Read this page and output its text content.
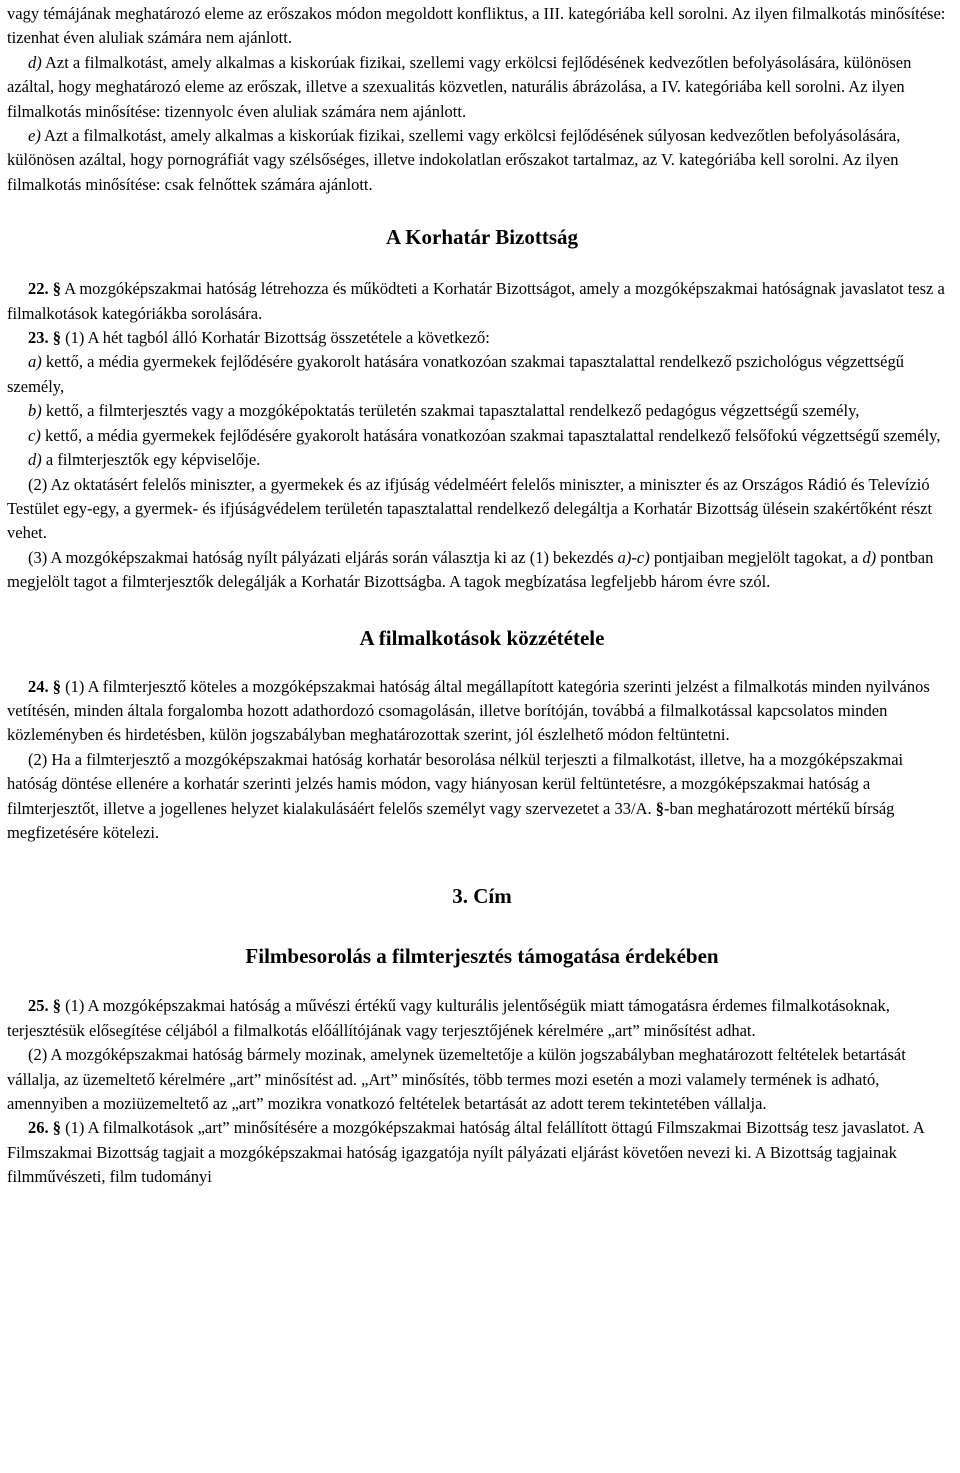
vagy témájának meghatározó eleme az erőszakos módon megoldott konfliktus, a III. kategóriába kell sorolni. Az ilyen filmalkotás minősítése: tizenhat éven aluliak számára nem ajánlott.

d) Azt a filmalkotást, amely alkalmas a kiskorúak fizikai, szellemi vagy erkölcsi fejlődésének kedvezőtlen befolyásolására, különösen azáltal, hogy meghatározó eleme az erőszak, illetve a szexualitás közvetlen, naturális ábrázolása, a IV. kategóriába kell sorolni. Az ilyen filmalkotás minősítése: tizennyolc éven aluliak számára nem ajánlott.

e) Azt a filmalkotást, amely alkalmas a kiskorúak fizikai, szellemi vagy erkölcsi fejlődésének súlyosan kedvezőtlen befolyásolására, különösen azáltal, hogy pornográfiát vagy szélsőséges, illetve indokolatlan erőszakot tartalmaz, az V. kategóriába kell sorolni. Az ilyen filmalkotás minősítése: csak felnőttek számára ajánlott.

A Korhatár Bizottság

22. § A mozgóképszakmai hatóság létrehozza és működteti a Korhatár Bizottságot, amely a mozgóképszakmai hatóságnak javaslatot tesz a filmalkotások kategóriákba sorolására.

23. § (1) A hét tagból álló Korhatár Bizottság összetétele a következő:

a) kettő, a média gyermekek fejlődésére gyakorolt hatására vonatkozóan szakmai tapasztalattal rendelkező pszichológus végzettségű személy,

b) kettő, a filmterjesztés vagy a mozgóképoktatás területén szakmai tapasztalattal rendelkező pedagógus végzettségű személy,

c) kettő, a média gyermekek fejlődésére gyakorolt hatására vonatkozóan szakmai tapasztalattal rendelkező felsőfokú végzettségű személy,

d) a filmterjesztők egy képviselője.

(2) Az oktatásért felelős miniszter, a gyermekek és az ifjúság védelméért felelős miniszter, a miniszter és az Országos Rádió és Televízió Testület egy-egy, a gyermek- és ifjúságvédelem területén tapasztalattal rendelkező delegáltja a Korhatár Bizottság ülésein szakértőként részt vehet.

(3) A mozgóképszakmai hatóság nyílt pályázati eljárás során választja ki az (1) bekezdés a)-c) pontjaiban megjelölt tagokat, a d) pontban megjelölt tagot a filmterjesztők delegálják a Korhatár Bizottságba. A tagok megbízatása legfeljebb három évre szól.

A filmalkotások közzététele

24. § (1) A filmterjesztő köteles a mozgóképszakmai hatóság által megállapított kategória szerinti jelzést a filmalkotás minden nyilvános vetítésén, minden általa forgalomba hozott adathordozó csomagolásán, illetve borítóján, továbbá a filmalkotással kapcsolatos minden közleményben és hirdetésben, külön jogszabályban meghatározottak szerint, jól észlelhető módon feltüntetni.

(2) Ha a filmterjesztő a mozgóképszakmai hatóság korhatár besorolása nélkül terjeszti a filmalkotást, illetve, ha a mozgóképszakmai hatóság döntése ellenére a korhatár szerinti jelzés hamis módon, vagy hiányosan kerül feltüntetésre, a mozgóképszakmai hatóság a filmterjesztőt, illetve a jogellenes helyzet kialakulásáért felelős személyt vagy szervezetet a 33/A. §-ban meghatározott mértékű bírság megfizetésére kötelezi.

3. Cím
Filmbesorolás a filmterjesztés támogatása érdekében

25. § (1) A mozgóképszakmai hatóság a művészi értékű vagy kulturális jelentőségük miatt támogatásra érdemes filmalkotásoknak, terjesztésük elősegítése céljából a filmalkotás előállítójának vagy terjesztőjének kérelmére „art” minősítést adhat.

(2) A mozgóképszakmai hatóság bármely mozinak, amelynek üzemeltetője a külön jogszabályban meghatározott feltételek betartását vállalja, az üzemeltető kérelmére „art” minősítést ad. „Art” minősítés, több termes mozi esetén a mozi valamely termének is adható, amennyiben a moziüzemeltető az „art” mozikra vonatkozó feltételek betartását az adott terem tekintetében vállalja.

26. § (1) A filmalkotások „art” minősítésére a mozgóképszakmai hatóság által felállított öttagú Filmszakmai Bizottság tesz javaslatot. A Filmszakmai Bizottság tagjait a mozgóképszakmai hatóság igazgatója nyílt pályázati eljárást követően nevezi ki. A Bizottság tagjainak filmművészeti, film tudományi
